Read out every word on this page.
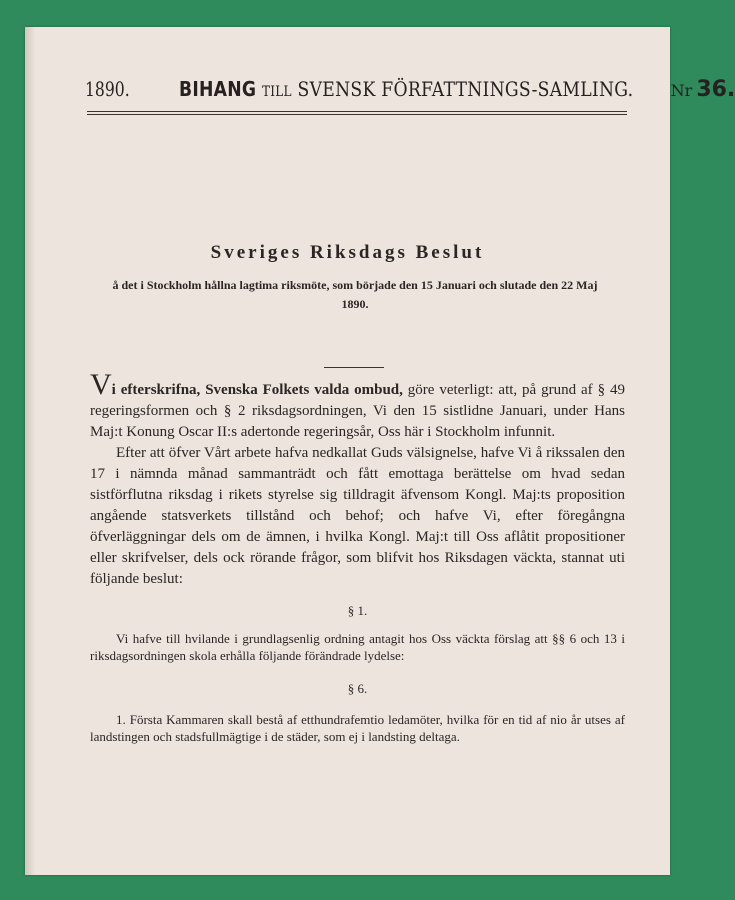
1890. BIHANG TILL SVENSK FÖRFATTNINGS-SAMLING. Nr 36.
Sveriges Riksdags Beslut
å det i Stockholm hållna lagtima riksmöte, som började den 15 Januari och slutade den 22 Maj 1890.

Vi efterskrifna, Svenska Folkets valda ombud, göre veterligt: att, på grund af § 49 regeringsformen och § 2 riksdagsordningen, Vi den 15 sistlidne Januari, under Hans Maj:t Konung Oscar II:s adertonde regeringsår, Oss här i Stockholm infunnit.

Efter att öfver Vårt arbete hafva nedkallat Guds välsignelse, hafve Vi å rikssalen den 17 i nämnda månad sammanträdt och fått emottaga berättelse om hvad sedan sistförflutna riksdag i rikets styrelse sig tilldragit äfvensom Kongl. Maj:ts proposition angående statsverkets tillstånd och behof; och hafve Vi, efter föregångna öfverläggningar dels om de ämnen, i hvilka Kongl. Maj:t till Oss aflåtit propositioner eller skrifvelser, dels ock rörande frågor, som blifvit hos Riksdagen väckta, stannat uti följande beslut:

§ 1.

Vi hafve till hvilande i grundlagsenlig ordning antagit hos Oss väckta förslag att §§ 6 och 13 i riksdagsordningen skola erhålla följande förändrade lydelse:

§ 6.

1. Första Kammaren skall bestå af etthundrafemtio ledamöter, hvilka för en tid af nio år utses af landstingen och stadsfullmägtige i de städer, som ej i landsting deltaga.
